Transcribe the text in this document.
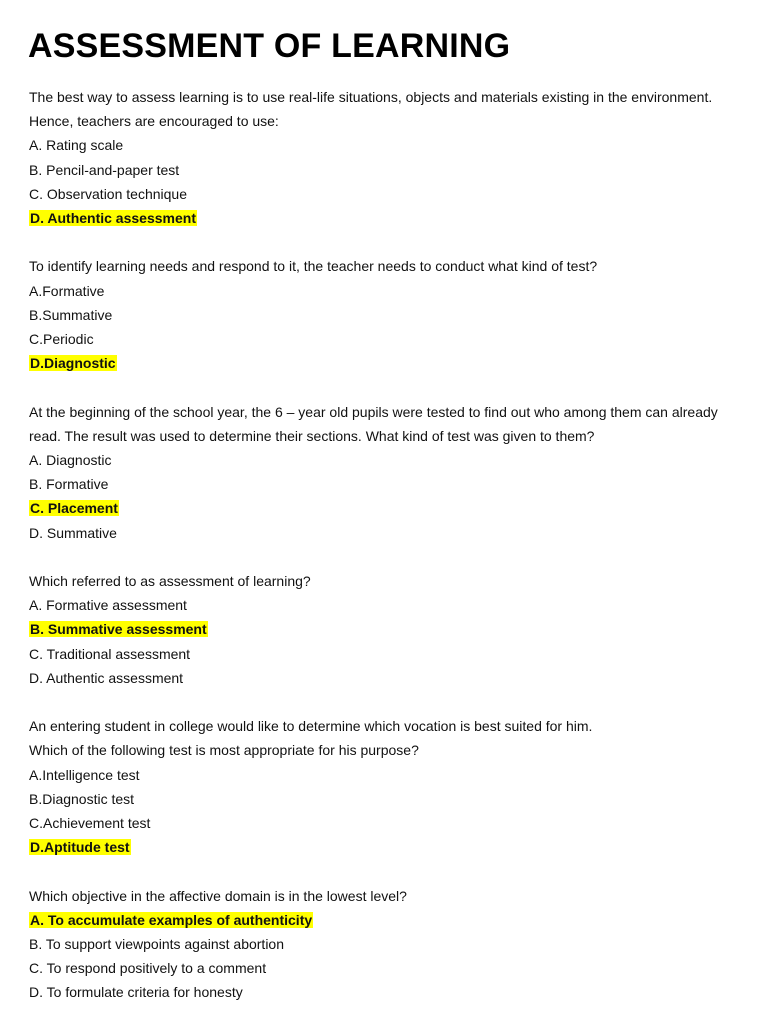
ASSESSMENT OF LEARNING
The best way to assess learning is to use real-life situations, objects and materials existing in the environment.
Hence, teachers are encouraged to use:
A. Rating scale
B. Pencil-and-paper test
C. Observation technique
D. Authentic assessment
To identify learning needs and respond to it, the teacher needs to conduct what kind of test?
A.Formative
B.Summative
C.Periodic
D.Diagnostic
At the beginning of the school year, the 6 – year old pupils were tested to find out who among them can already
read. The result was used to determine their sections. What kind of test was given to them?
A. Diagnostic
B. Formative
C. Placement
D. Summative
Which referred to as assessment of learning?
A. Formative assessment
B. Summative assessment
C. Traditional assessment
D. Authentic assessment
An entering student in college would like to determine which vocation is best suited for him.
Which of the following test is most appropriate for his purpose?
A.Intelligence test
B.Diagnostic test
C.Achievement test
D.Aptitude test
Which objective in the affective domain is in the lowest level?
A. To accumulate examples of authenticity
B. To support viewpoints against abortion
C. To respond positively to a comment
D. To formulate criteria for honesty
